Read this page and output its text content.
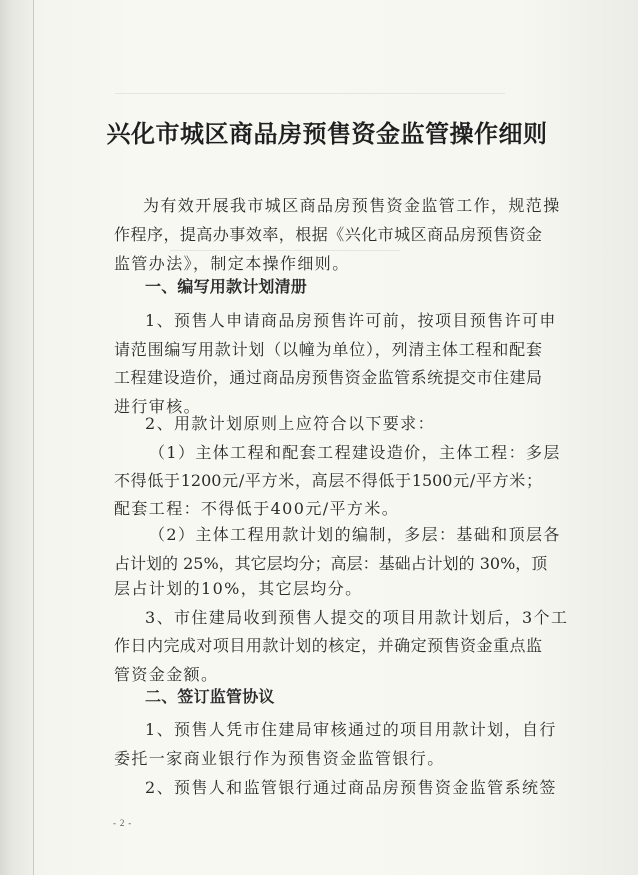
兴化市城区商品房预售资金监管操作细则
为有效开展我市城区商品房预售资金监管工作，规范操
作程序，提高办事效率，根据《兴化市城区商品房预售资金
监管办法》，制定本操作细则。
一、编写用款计划清册
1、预售人申请商品房预售许可前，按项目预售许可申
请范围编写用款计划（以幢为单位），列清主体工程和配套
工程建设造价，通过商品房预售资金监管系统提交市住建局
进行审核。
2、用款计划原则上应符合以下要求：
（1）主体工程和配套工程建设造价，主体工程：多层
不得低于1200元/平方米，高层不得低于1500元/平方米；
配套工程：不得低于400元/平方米。
（2）主体工程用款计划的编制，多层：基础和顶层各
占计划的 25%，其它层均分；高层：基础占计划的 30%，顶
层占计划的10%，其它层均分。
3、市住建局收到预售人提交的项目用款计划后，3个工
作日内完成对项目用款计划的核定，并确定预售资金重点监
管资金金额。
二、签订监管协议
1、预售人凭市住建局审核通过的项目用款计划，自行
委托一家商业银行作为预售资金监管银行。
2、预售人和监管银行通过商品房预售资金监管系统签
- 2 -
